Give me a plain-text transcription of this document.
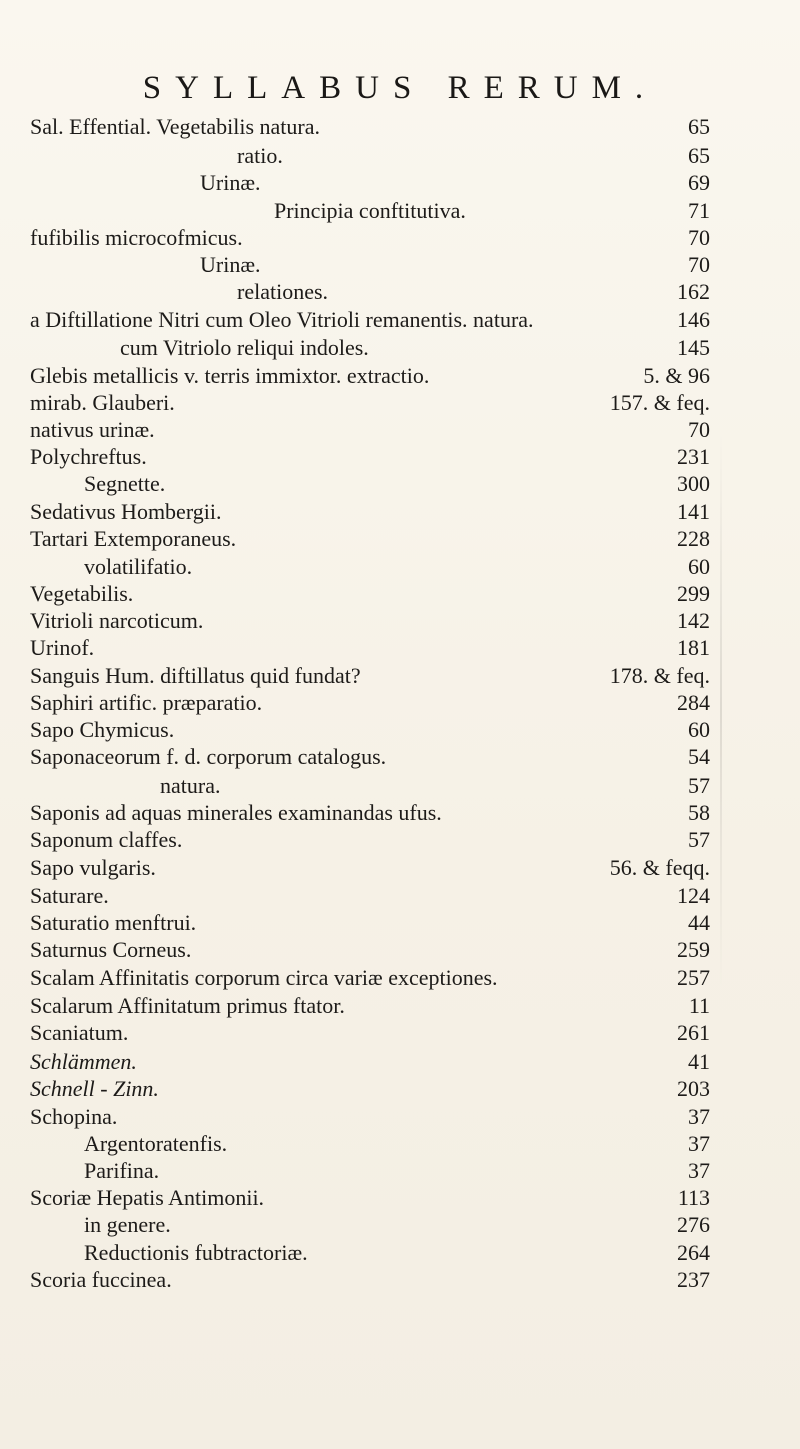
SYLLABUS RERUM.
Sal. Effential. Vegetabilis natura.	65
ratio.	65
Urinæ.	69
Principia conftitutiva.	71
fufibilis microcofmicus.	70
Urinæ.	70
relationes.	162
a Diftillatione Nitri cum Oleo Vitrioli remanentis. natura.	146
cum Vitriolo reliqui indoles.	145
Glebis metallicis v. terris immixtor. extractio.	5. & 96
mirab. Glauberi.	157. & feq.
nativus urinæ.	70
Polychreftus.	231
Segnette.	300
Sedativus Hombergii.	141
Tartari Extemporaneus.	228
volatilifatio.	60
Vegetabilis.	299
Vitrioli narcoticum.	142
Urinof.	181
Sanguis Hum. diftillatus quid fundat?	178. & feq.
Saphiri artific. præparatio.	284
Sapo Chymicus.	60
Saponaceorum f. d. corporum catalogus.	54
natura.	57
Saponis ad aquas minerales examinandas ufus.	58
Saponum claffes.	57
Sapo vulgaris.	56. & feqq.
Saturare.	124
Saturatio menftrui.	44
Saturnus Corneus.	259
Scalam Affinitatis corporum circa variæ exceptiones.	257
Scalarum Affinitatum primus ftator.	11
Scaniatum.	261
Schlämmen.	41
Schnell - Zinn.	203
Schopina.	37
Argentoratenfis.	37
Parifina.	37
Scoriæ Hepatis Antimonii.	113
in genere.	276
Reductionis fubtractoriæ.	264
Scoria fuccinea.	237
